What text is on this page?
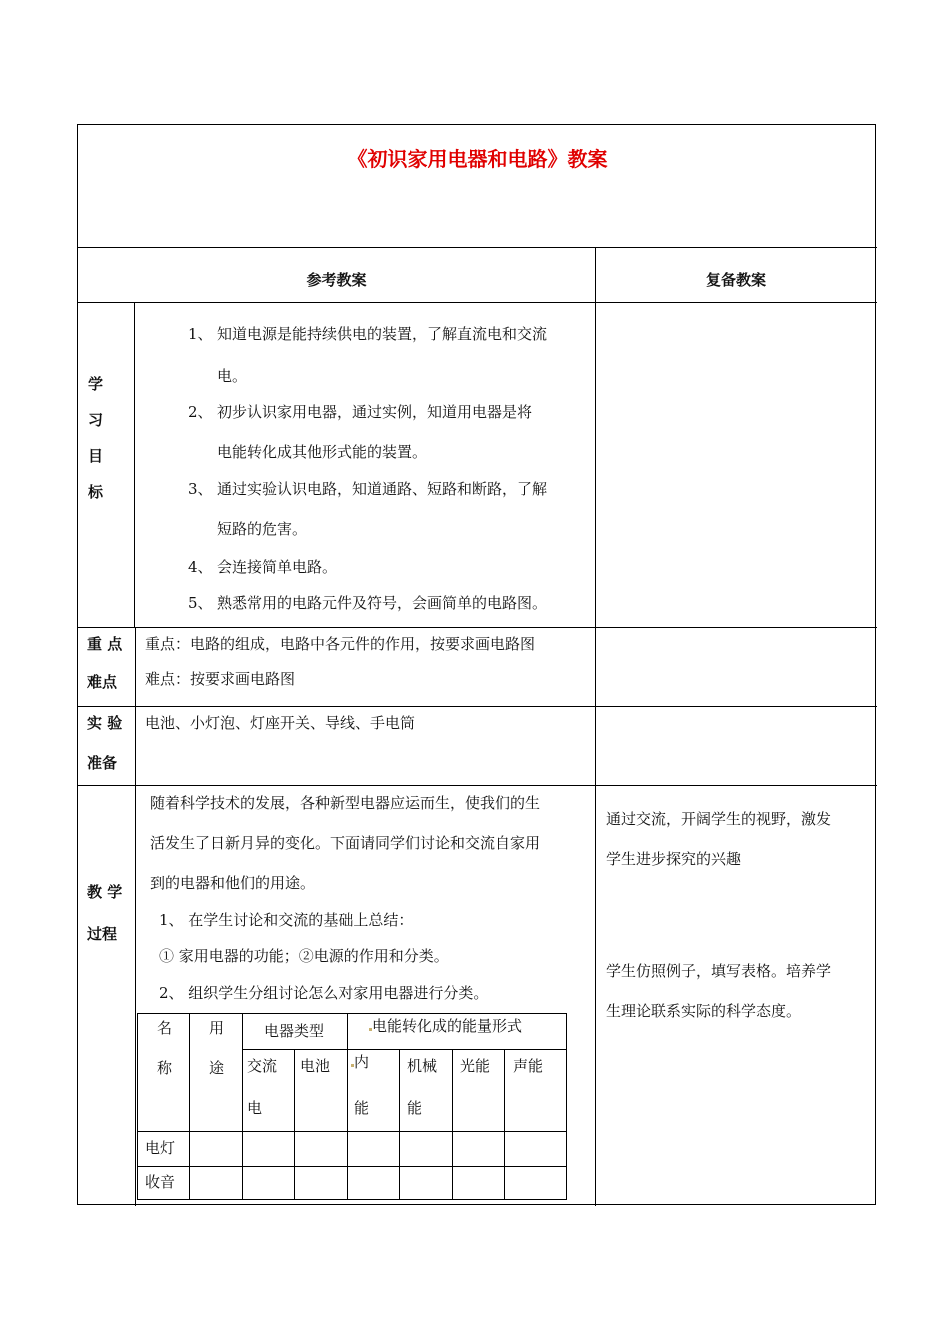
《初识家用电器和电路》教案
参考教案	复备教案
学
习
目
标
1、 知道电源是能持续供电的装置，了解直流电和交流
电。
2、 初步认识家用电器，通过实例，知道用电器是将
电能转化成其他形式能的装置。
3、 通过实验认识电路，知道通路、短路和断路，了解
短路的危害。
4、 会连接简单电路。
5、 熟悉常用的电路元件及符号，会画简单的电路图。
重 点
难点
重点：电路的组成，电路中各元件的作用，按要求画电路图
难点：按要求画电路图
实 验
准备
电池、小灯泡、灯座开关、导线、手电筒
教 学
过程
随着科学技术的发展，各种新型电器应运而生，使我们的生
活发生了日新月异的变化。下面请同学们讨论和交流自家用
到的电器和他们的用途。
1、 在学生讨论和交流的基础上总结：
① 家用电器的功能；②电源的作用和分类。
2、 组织学生分组讨论怎么对家用电器进行分类。
通过交流，开阔学生的视野，激发
学生进步探究的兴趣
学生仿照例子，填写表格。培养学
生理论联系实际的科学态度。
名
称
用
途
电器类型	电能转化成的能量形式
交流
电
电池 内
能
机械
能
光能 声能
电灯
收音
